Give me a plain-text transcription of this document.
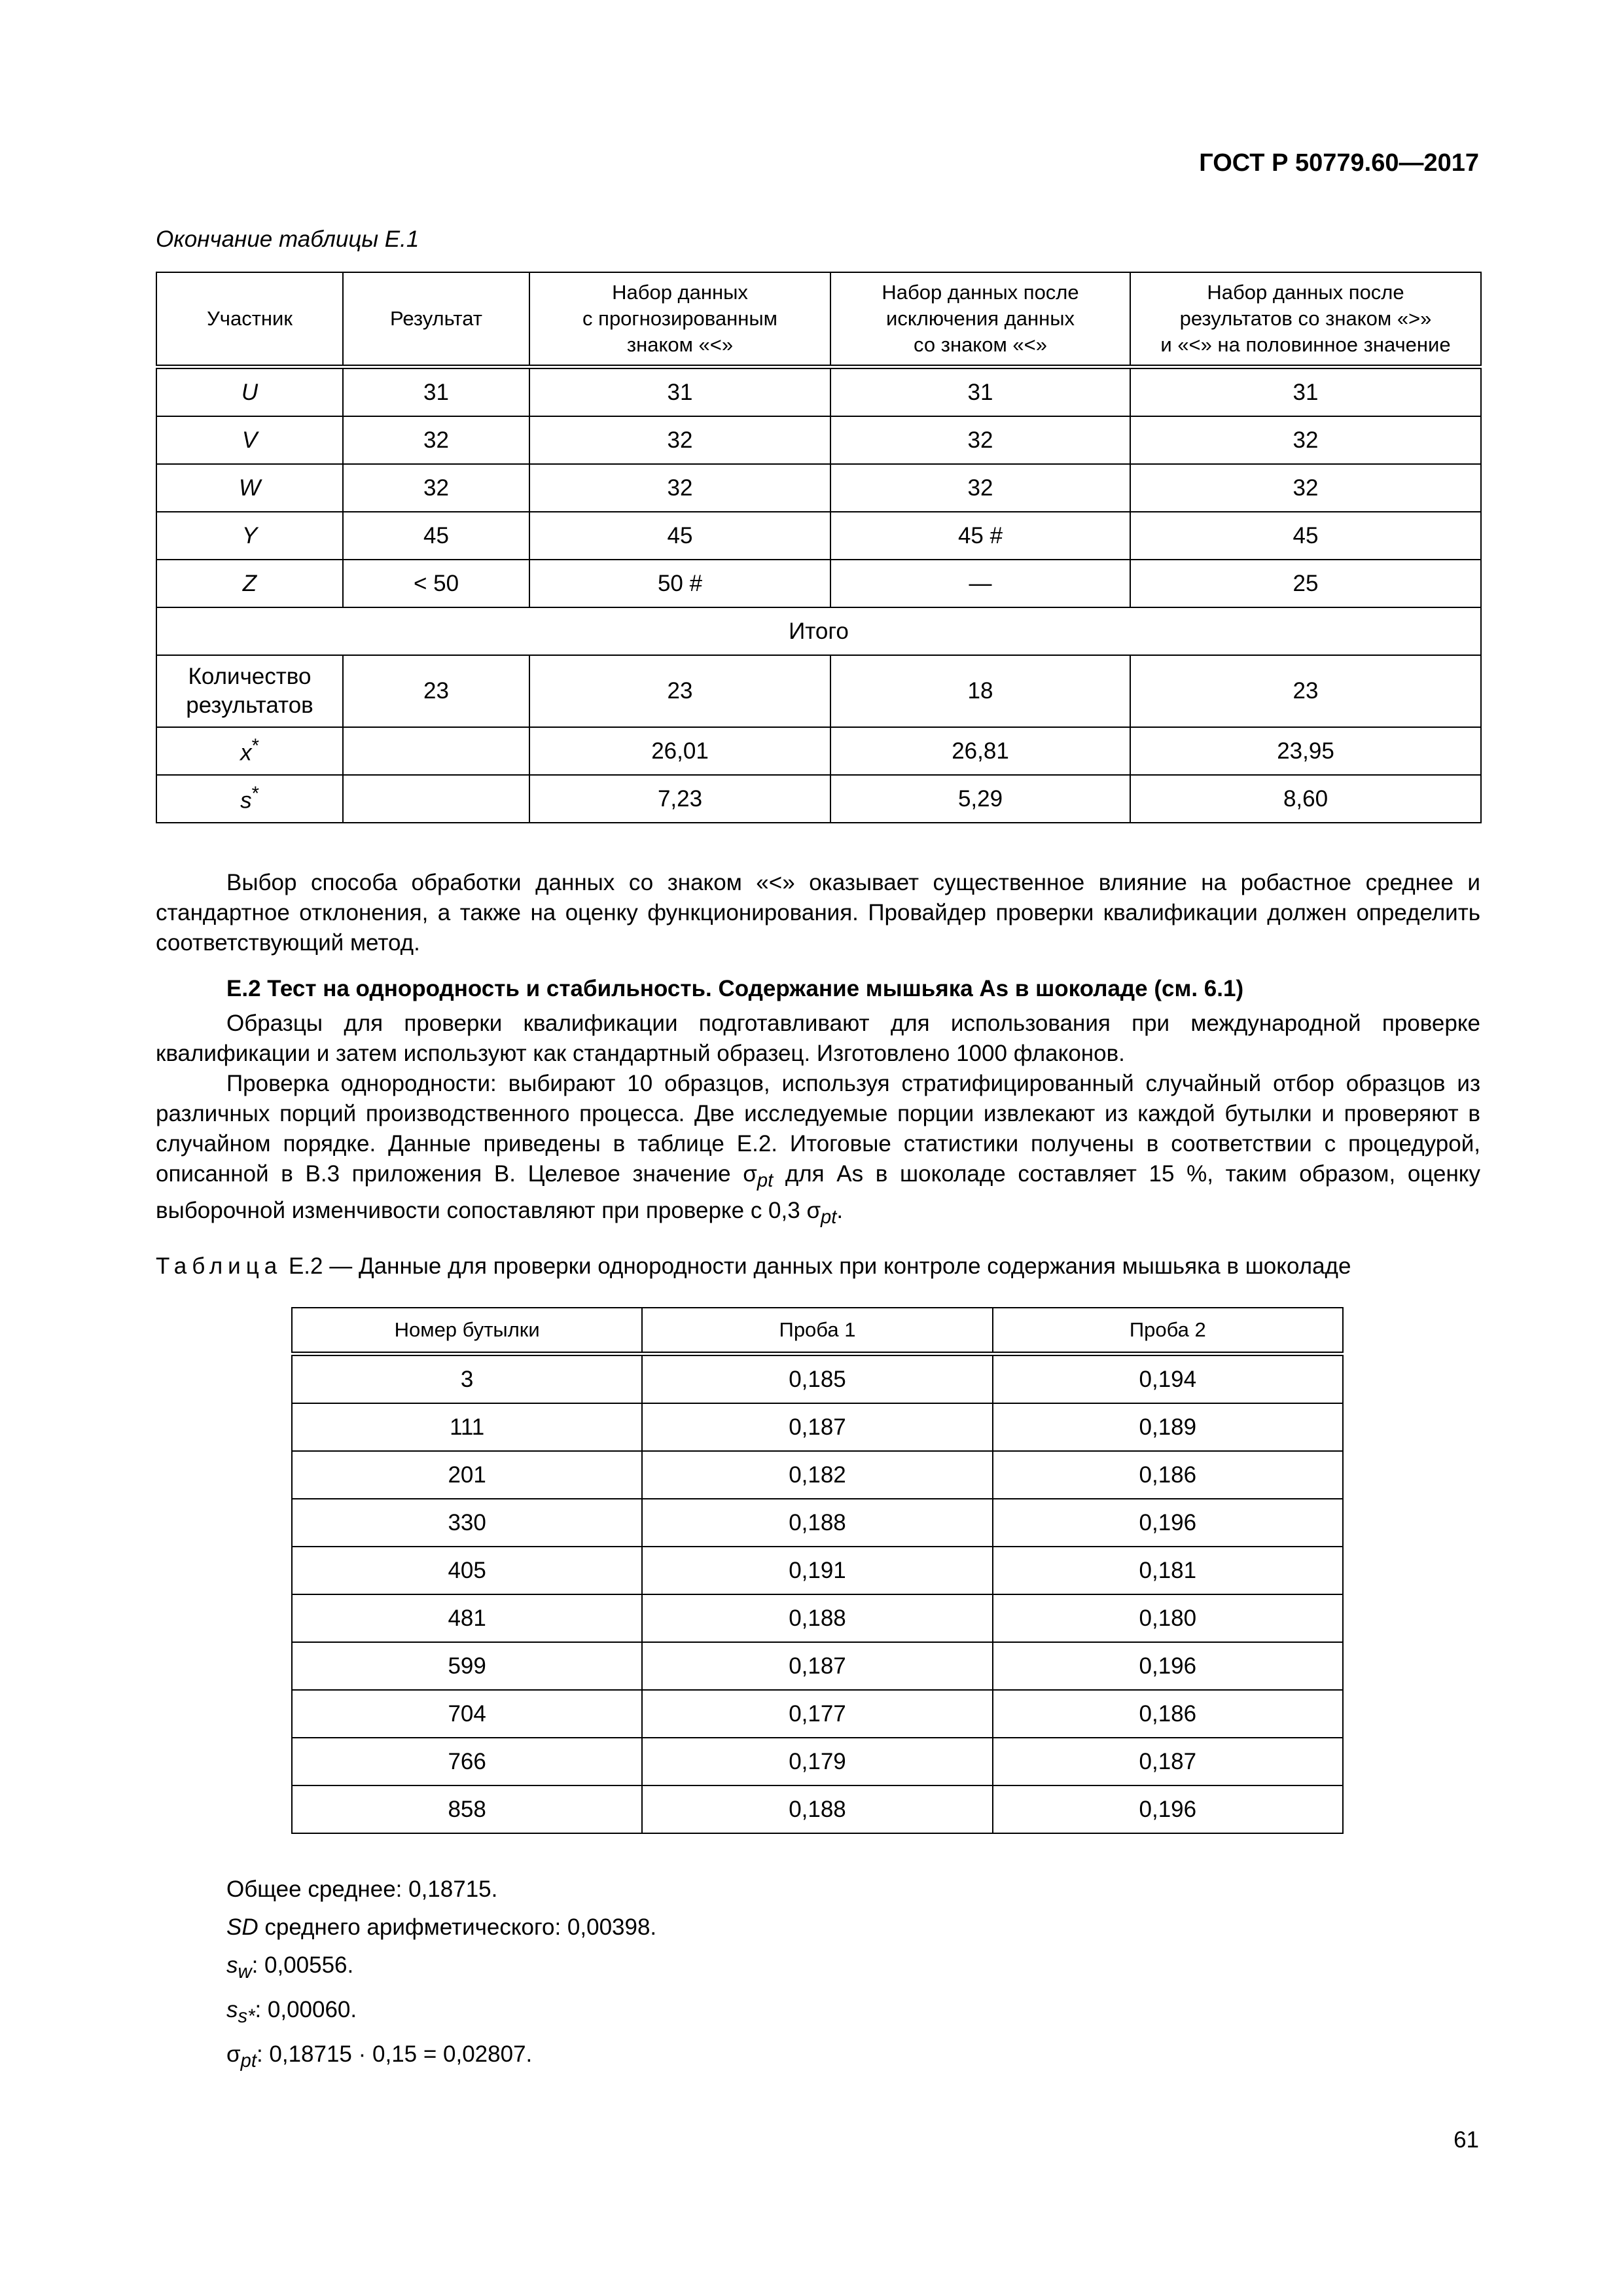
ГОСТ Р 50779.60—2017
Окончание таблицы Е.1
Участник	Результат	Набор данных
с прогнозированным
знаком «<»	Набор данных после
исключения данных
со знаком «<»	Набор данных после
результатов со знаком «>»
и «<» на половинное значение
U	31	31	31	31
V	32	32	32	32
W	32	32	32	32
Y	45	45	45 #	45
Z	< 50	50 #	—	25
Итого				
Количество
результатов	23	23	18	23
x*		26,01	26,81	23,95
s*		7,23	5,29	8,60
Выбор способа обработки данных со знаком «<» оказывает существенное влияние на робастное среднее и стандартное отклонения, а также на оценку функционирования. Провайдер проверки квалификации должен определить соответствующий метод.
Е.2 Тест на однородность и стабильность. Содержание мышьяка As в шоколаде (см. 6.1)
Образцы для проверки квалификации подготавливают для использования при международной проверке квалификации и затем используют как стандартный образец. Изготовлено 1000 флаконов.
Проверка однородности: выбирают 10 образцов, используя стратифицированный случайный отбор образцов из различных порций производственного процесса. Две исследуемые порции извлекают из каждой бутылки и проверяют в случайном порядке. Данные приведены в таблице Е.2. Итоговые статистики получены в соответствии с процедурой, описанной в В.3 приложения В. Целевое значение $\sigma_{pt}$ для As в шоколаде составляет 15 %, таким образом, оценку выборочной изменчивости сопоставляют при проверке с 0,3 $\sigma_{pt}$.
Таблица Е.2 — Данные для проверки однородности данных при контроле содержания мышьяка в шоколаде
Номер бутылки	Проба 1	Проба 2
3	0,185	0,194
111	0,187	0,189
201	0,182	0,186
330	0,188	0,196
405	0,191	0,181
481	0,188	0,180
599	0,187	0,196
704	0,177	0,186
766	0,179	0,187
858	0,188	0,196
Общее среднее: 0,18715.
SD среднего арифметического: 0,00398.
$s_w$: 0,00556.
$s_{s*}$: 0,00060.
$\sigma_{pt}$: 0,18715 · 0,15 = 0,02807.
61
